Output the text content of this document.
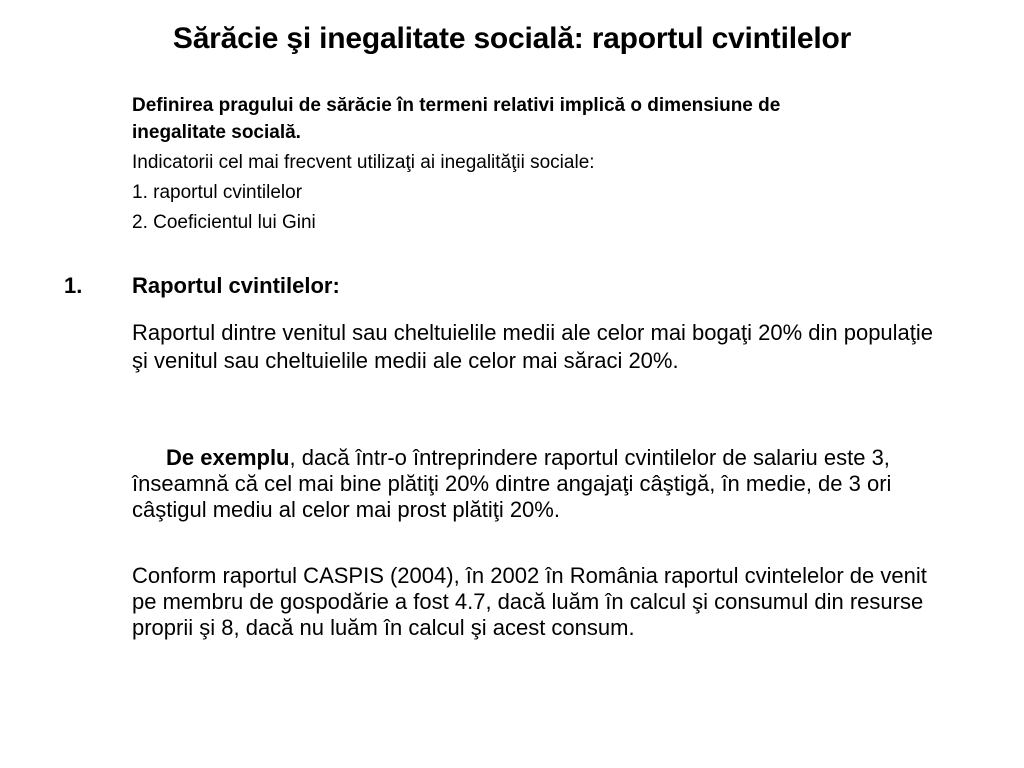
Sărăcie şi inegalitate socială: raportul cvintilelor

Definirea pragului de sărăcie în termeni relativi implică o dimensiune de inegalitate socială.

Indicatorii cel mai frecvent utilizaţi ai inegalităţii sociale:

1. raportul cvintilelor

2. Coeficientul lui Gini

1.	Raportul cvintilelor:

Raportul dintre venitul sau cheltuielile medii ale celor mai bogaţi 20% din populaţie şi venitul sau cheltuielile medii ale celor mai săraci 20%.

De exemplu, dacă într-o întreprindere raportul cvintilelor de salariu este 3, înseamnă că cel mai bine plătiţi 20% dintre angajaţi câştigă, în medie, de 3 ori câştigul mediu al celor mai prost plătiţi 20%.

Conform raportul CASPIS (2004), în 2002 în România raportul cvintelelor de venit pe membru de gospodărie a fost 4.7, dacă luăm în calcul şi consumul din resurse proprii şi 8, dacă nu luăm în calcul şi acest consum.
